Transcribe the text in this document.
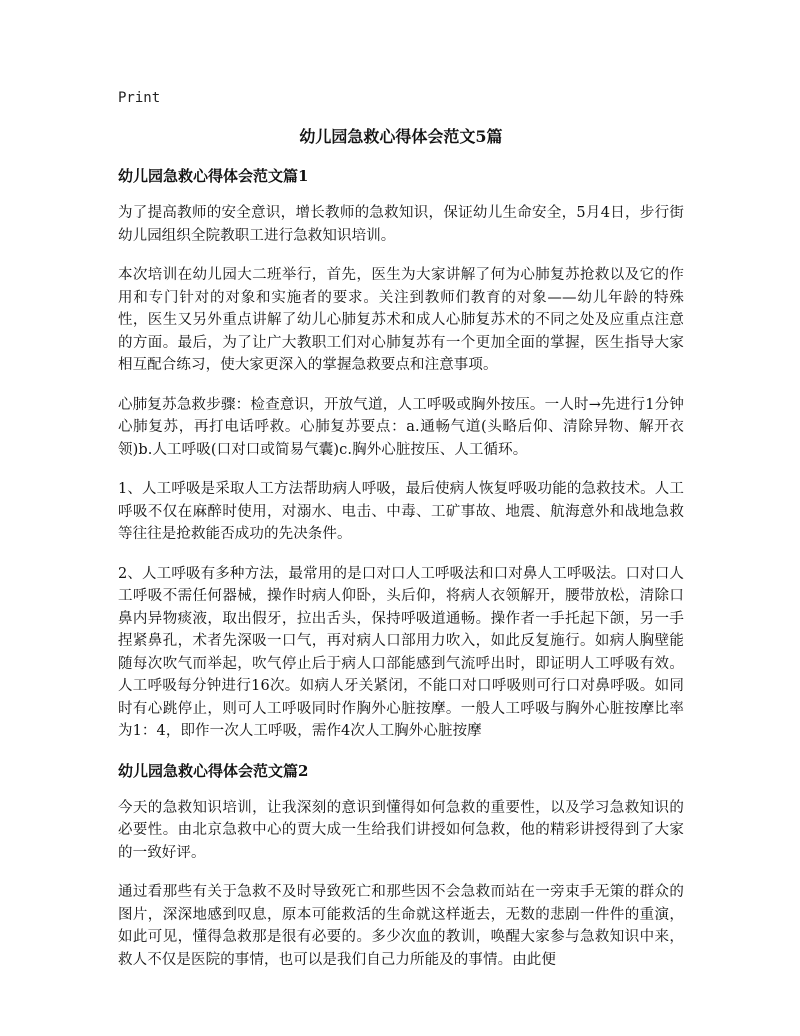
Print
幼儿园急救心得体会范文5篇
幼儿园急救心得体会范文篇1

为了提高教师的安全意识，增长教师的急救知识，保证幼儿生命安全，5月4日，步行街幼儿园组织全院教职工进行急救知识培训。

本次培训在幼儿园大二班举行，首先，医生为大家讲解了何为心肺复苏抢救以及它的作用和专门针对的对象和实施者的要求。关注到教师们教育的对象——幼儿年龄的特殊性，医生又另外重点讲解了幼儿心肺复苏术和成人心肺复苏术的不同之处及应重点注意的方面。最后，为了让广大教职工们对心肺复苏有一个更加全面的掌握，医生指导大家相互配合练习，使大家更深入的掌握急救要点和注意事项。

心肺复苏急救步骤：检查意识，开放气道，人工呼吸或胸外按压。一人时→先进行1分钟心肺复苏，再打电话呼救。心肺复苏要点：a.通畅气道(头略后仰、清除异物、解开衣领)b.人工呼吸(口对口或简易气囊)c.胸外心脏按压、人工循环。

1、人工呼吸是采取人工方法帮助病人呼吸，最后使病人恢复呼吸功能的急救技术。人工呼吸不仅在麻醉时使用，对溺水、电击、中毒、工矿事故、地震、航海意外和战地急救等往往是抢救能否成功的先决条件。

2、人工呼吸有多种方法，最常用的是口对口人工呼吸法和口对鼻人工呼吸法。口对口人工呼吸不需任何器械，操作时病人仰卧，头后仰，将病人衣领解开，腰带放松，清除口鼻内异物痰液，取出假牙，拉出舌头，保持呼吸道通畅。操作者一手托起下颌，另一手捏紧鼻孔，术者先深吸一口气，再对病人口部用力吹入，如此反复施行。如病人胸壁能随每次吹气而举起，吹气停止后于病人口部能感到气流呼出时，即证明人工呼吸有效。人工呼吸每分钟进行16次。如病人牙关紧闭，不能口对口呼吸则可行口对鼻呼吸。如同时有心跳停止，则可人工呼吸同时作胸外心脏按摩。一般人工呼吸与胸外心脏按摩比率为1：4，即作一次人工呼吸，需作4次人工胸外心脏按摩

幼儿园急救心得体会范文篇2

今天的急救知识培训，让我深刻的意识到懂得如何急救的重要性，以及学习急救知识的必要性。由北京急救中心的贾大成一生给我们讲授如何急救，他的精彩讲授得到了大家的一致好评。

通过看那些有关于急救不及时导致死亡和那些因不会急救而站在一旁束手无策的群众的图片，深深地感到叹息，原本可能救活的生命就这样逝去，无数的悲剧一件件的重演，如此可见，懂得急救那是很有必要的。多少次血的教训，唤醒大家参与急救知识中来，救人不仅是医院的事情，也可以是我们自己力所能及的事情。由此便
